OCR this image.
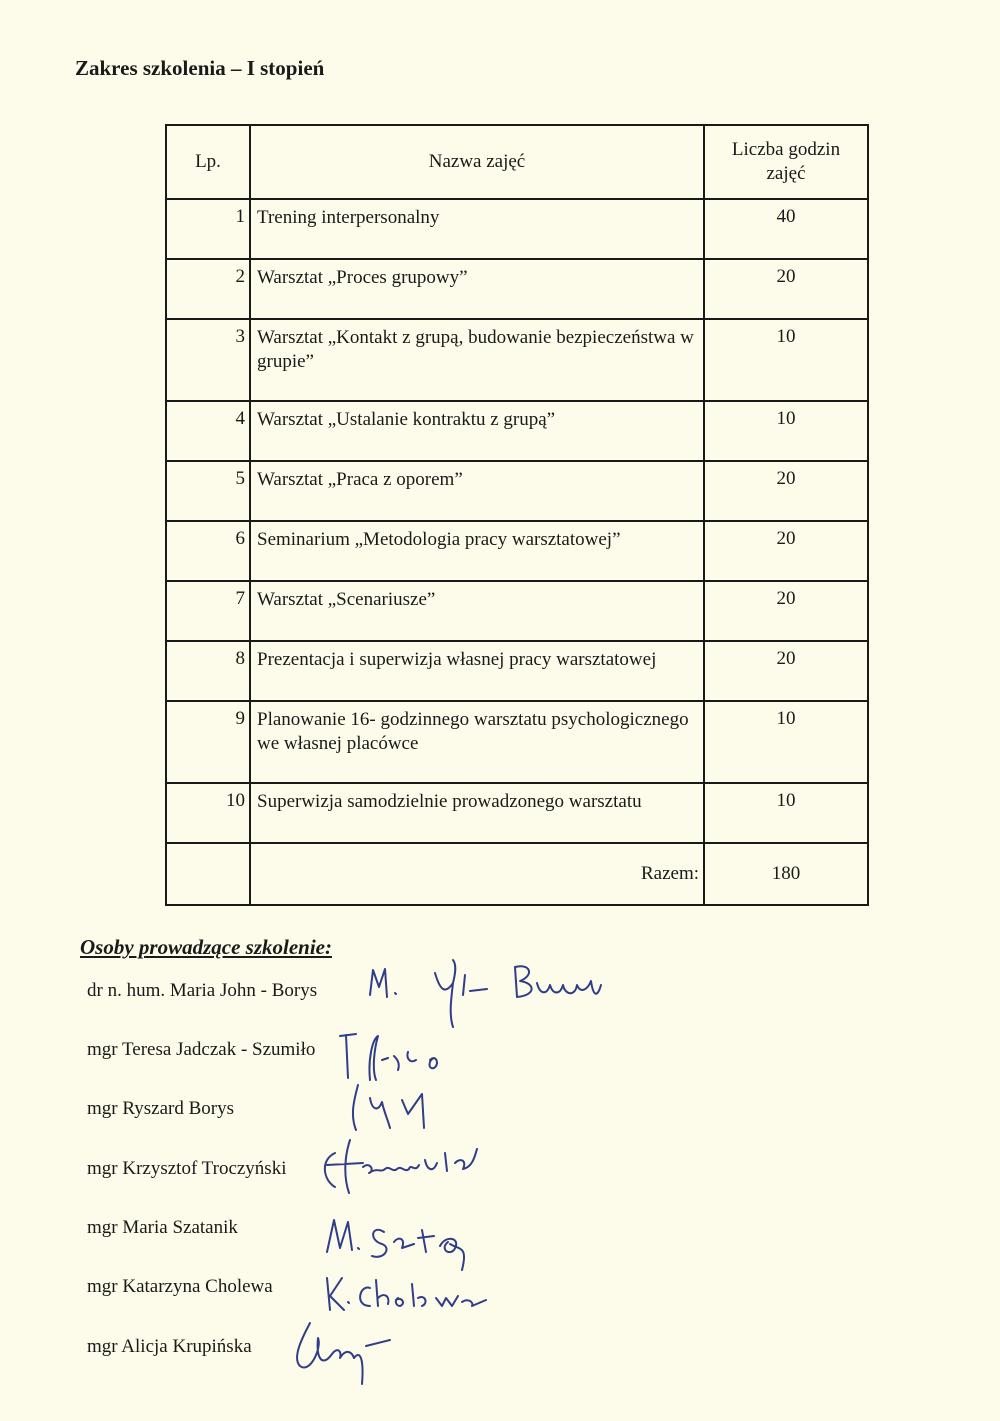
Zakres szkolenia – I stopień
Lp.	Nazwa zajęć	Liczba godzin
zajęć

1	Trening interpersonalny	40
2	Warsztat „Proces grupowy”	20
3	Warsztat „Kontakt z grupą, budowanie bezpieczeństwa w grupie”	10
4	Warsztat „Ustalanie kontraktu z grupą”	10
5	Warsztat „Praca z oporem”	20
6	Seminarium „Metodologia pracy warsztatowej”	20
7	Warsztat „Scenariusze”	20
8	Prezentacja i superwizja własnej pracy warsztatowej	20
9	Planowanie 16- godzinnego warsztatu psychologicznego we własnej placówce	10
10	Superwizja samodzielnie prowadzonego warsztatu	10
	Razem:	180
Osoby prowadzące szkolenie:
dr n. hum. Maria John - Borys
mgr Teresa Jadczak - Szumiło
mgr Ryszard Borys
mgr Krzysztof Troczyński
mgr Maria Szatanik
mgr Katarzyna Cholewa
mgr Alicja Krupińska
